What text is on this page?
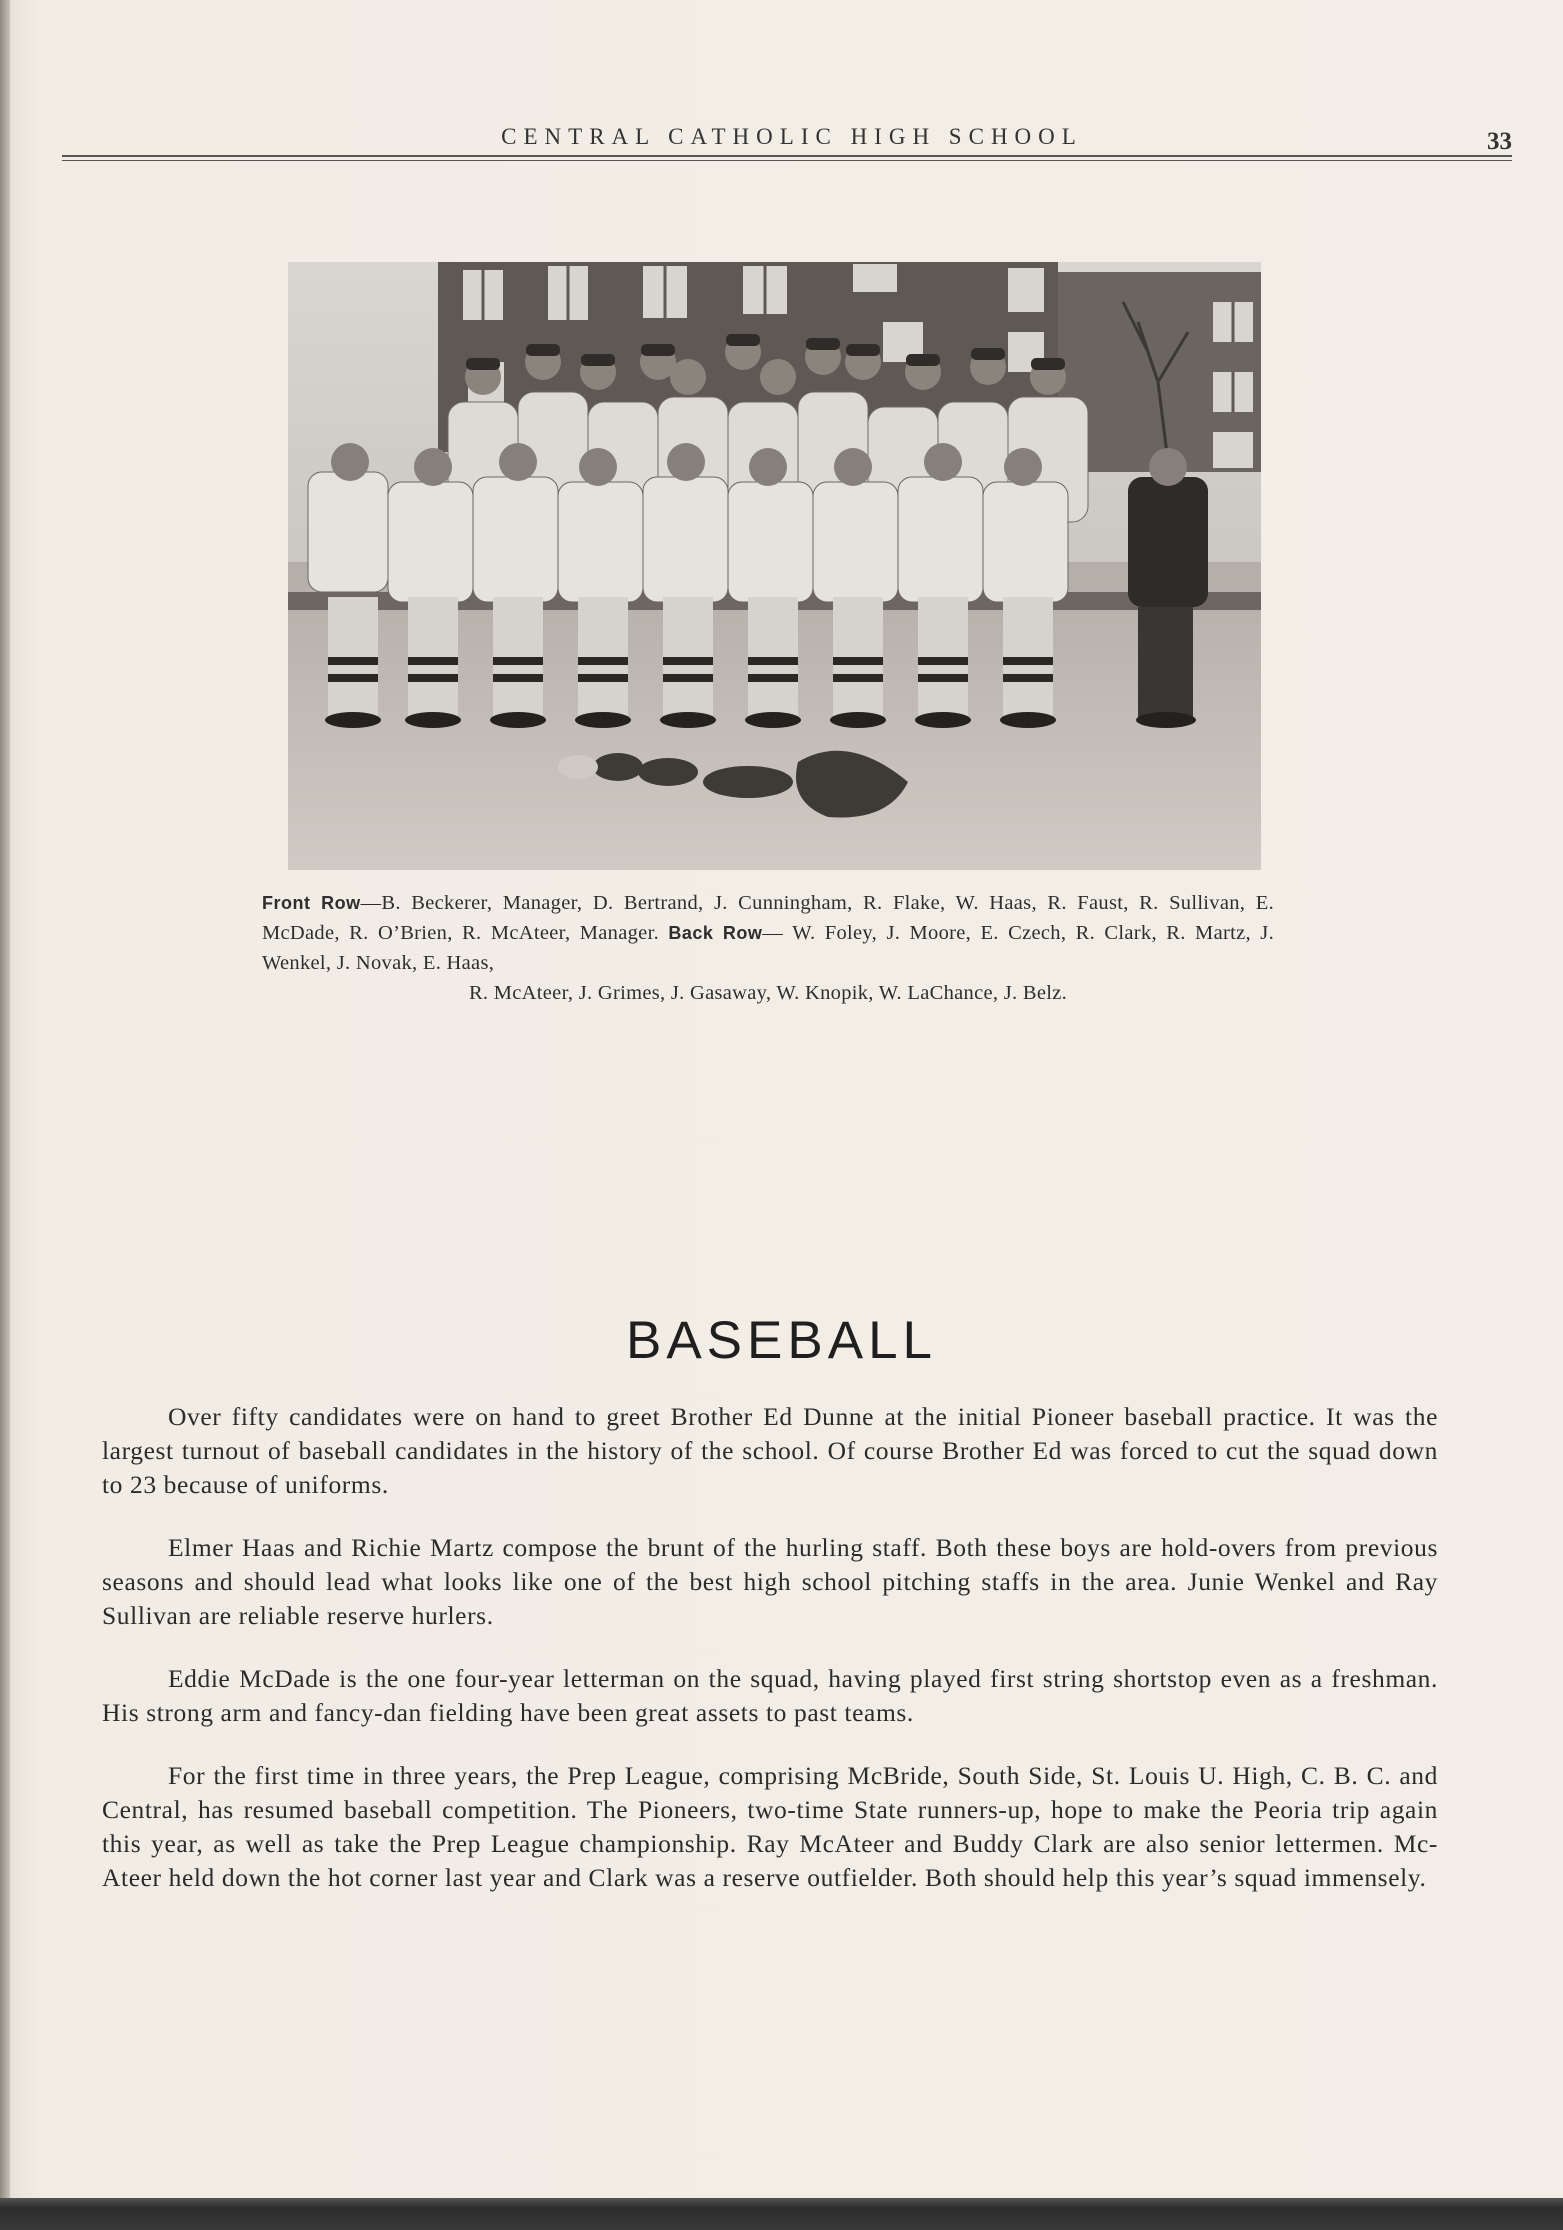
CENTRAL CATHOLIC HIGH SCHOOL	33
Front Row—B. Beckerer, Manager, D. Bertrand, J. Cunningham, R. Flake, W. Haas, R. Faust, R. Sullivan, E. McDade, R. O’Brien, R. McAteer, Manager. Back Row— W. Foley, J. Moore, E. Czech, R. Clark, R. Martz, J. Wenkel, J. Novak, E. Haas,
R. McAteer, J. Grimes, J. Gasaway, W. Knopik, W. LaChance, J. Belz.
BASEBALL

Over fifty candidates were on hand to greet Brother Ed Dunne at the initial Pioneer baseball practice. It was the largest turnout of baseball candidates in the history of the school. Of course Brother Ed was forced to cut the squad down to 23 because of uniforms.

Elmer Haas and Richie Martz compose the brunt of the hurling staff. Both these boys are hold-overs from previous seasons and should lead what looks like one of the best high school pitching staffs in the area. Junie Wenkel and Ray Sullivan are reliable reserve hurlers.

Eddie McDade is the one four-year letterman on the squad, having played first string shortstop even as a freshman. His strong arm and fancy-dan fielding have been great assets to past teams.

For the first time in three years, the Prep League, comprising McBride, South Side, St. Louis U. High, C. B. C. and Central, has resumed baseball competition. The Pioneers, two-time State runners-up, hope to make the Peoria trip again this year, as well as take the Prep League championship. Ray McAteer and Buddy Clark are also senior lettermen. Mc-Ateer held down the hot corner last year and Clark was a reserve outfielder. Both should help this year’s squad immensely.
